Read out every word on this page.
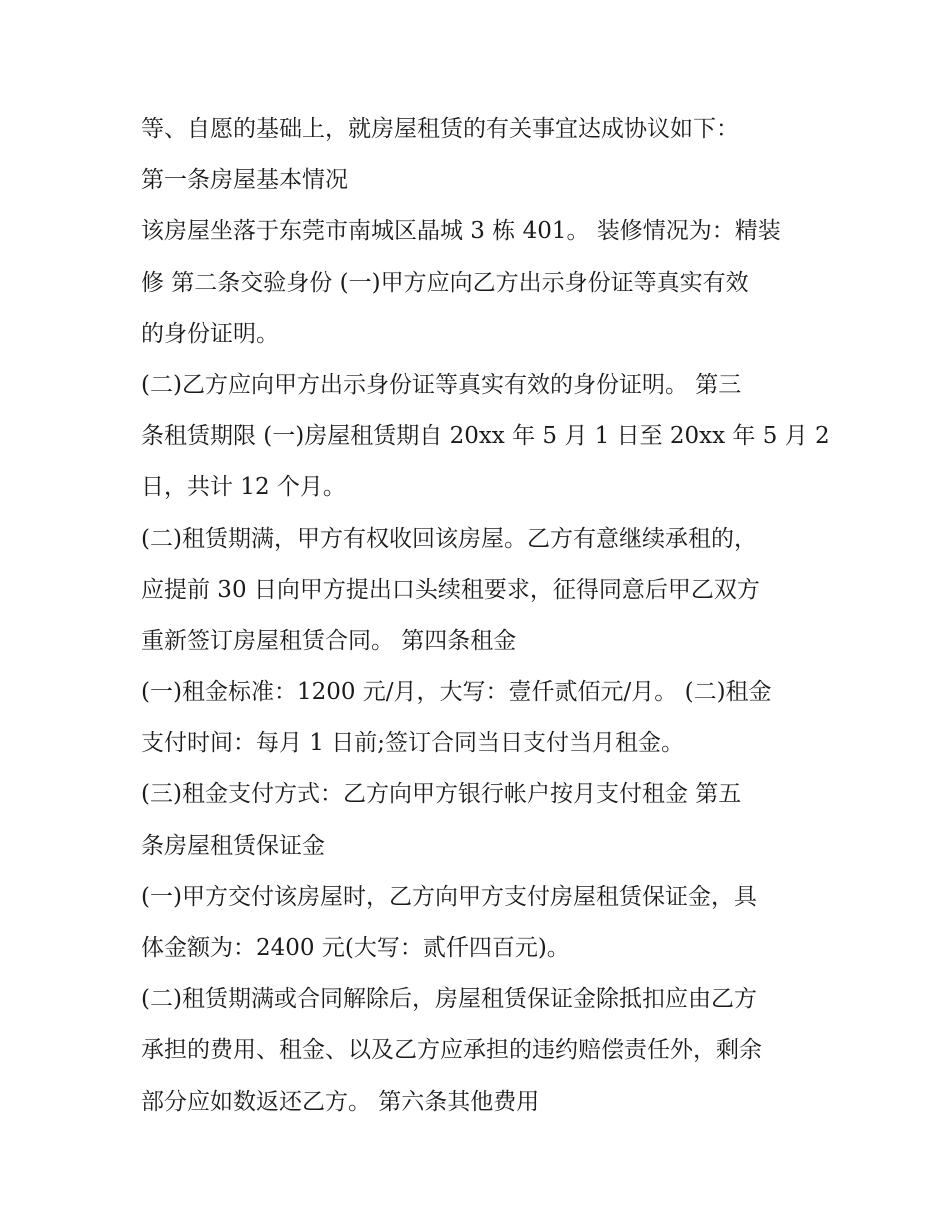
等、自愿的基础上，就房屋租赁的有关事宜达成协议如下：

第一条房屋基本情况

该房屋坐落于东莞市南城区晶城 3 栋 401。 装修情况为：精装

修 第二条交验身份 (一)甲方应向乙方出示身份证等真实有效

的身份证明。

(二)乙方应向甲方出示身份证等真实有效的身份证明。 第三

条租赁期限 (一)房屋租赁期自 20xx 年 5 月 1 日至 20xx 年 5 月 2

日，共计 12 个月。

(二)租赁期满，甲方有权收回该房屋。乙方有意继续承租的，

应提前 30 日向甲方提出口头续租要求，征得同意后甲乙双方

重新签订房屋租赁合同。 第四条租金

(一)租金标准：1200 元/月，大写：壹仟贰佰元/月。 (二)租金

支付时间：每月 1 日前;签订合同当日支付当月租金。

(三)租金支付方式：乙方向甲方银行帐户按月支付租金 第五

条房屋租赁保证金

(一)甲方交付该房屋时，乙方向甲方支付房屋租赁保证金，具

体金额为：2400 元(大写：贰仟四百元)。

(二)租赁期满或合同解除后，房屋租赁保证金除抵扣应由乙方

承担的费用、租金、以及乙方应承担的违约赔偿责任外，剩余

部分应如数返还乙方。 第六条其他费用
